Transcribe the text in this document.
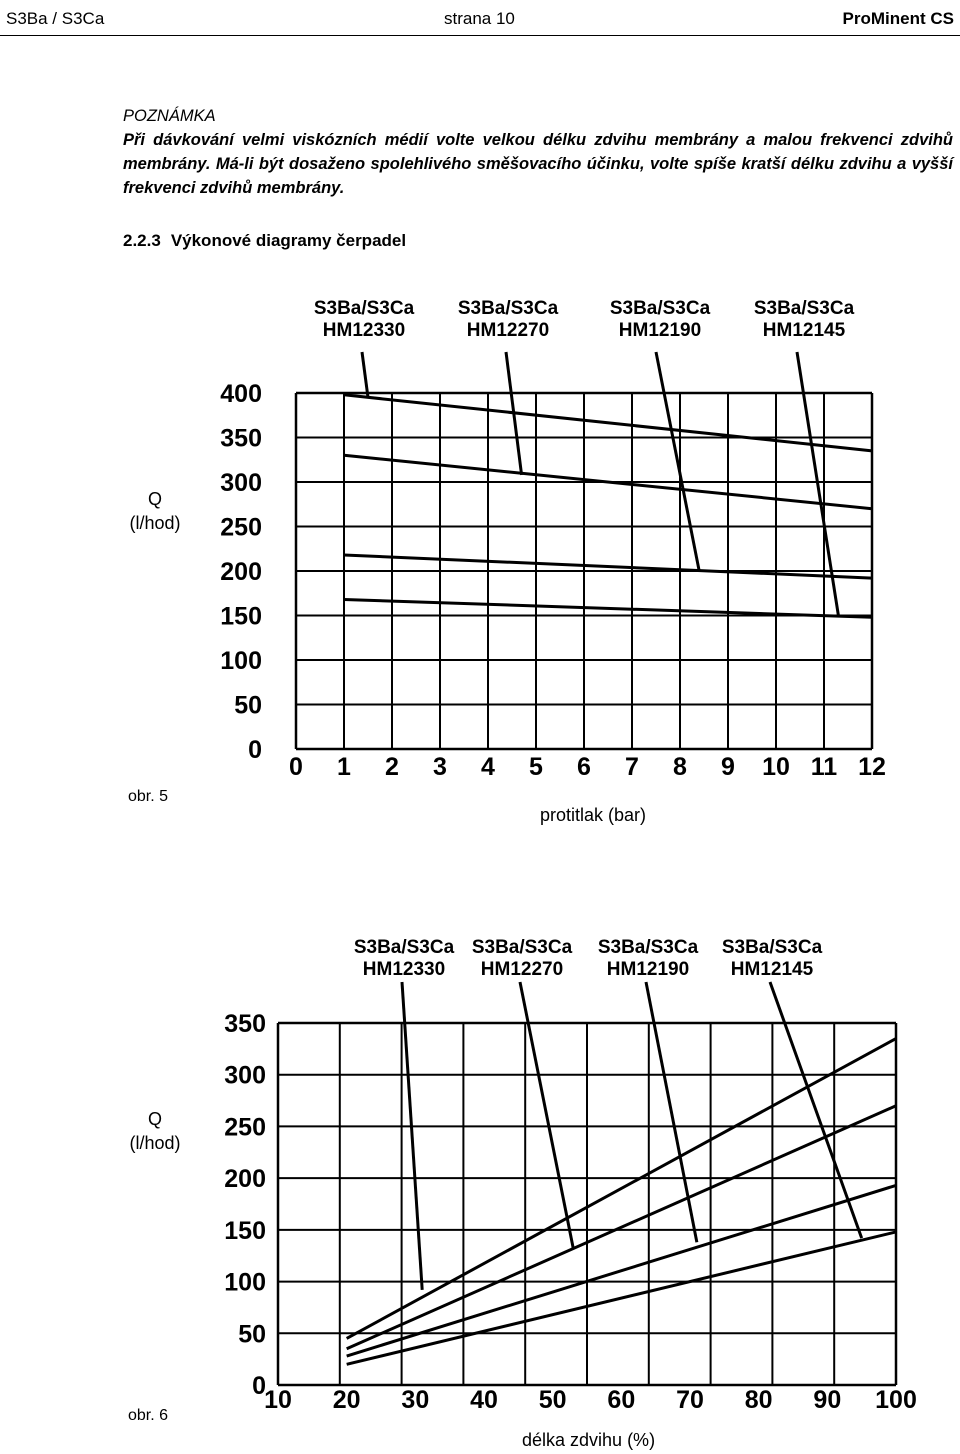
S3Ba / S3Ca	strana 10	ProMinent CS
POZNÁMKA
Při dávkování velmi viskózních médií volte velkou délku zdvihu membrány a malou frekvenci zdvihů membrány. Má-li být dosaženo spolehlivého směšovacího účinku, volte spíše kratší délku zdvihu a vyšší frekvenci zdvihů membrány.
2.2.3 Výkonové diagramy čerpadel
0
50
100
150
200
250
300
350
400
0 1 2 3 4 5 6 7 8 9 10 11 12
S3Ba/S3Ca
HM12330
S3Ba/S3Ca
HM12270
S3Ba/S3Ca
HM12190
S3Ba/S3Ca
HM12145
Q
(l/hod)
obr. 5
protitlak (bar)
0
50
100
150
200
250
300
350
10 20 30 40 50 60 70 80 90 100
S3Ba/S3Ca
HM12330
S3Ba/S3Ca
HM12270
S3Ba/S3Ca
HM12190
S3Ba/S3Ca
HM12145
Q
(l/hod)
obr. 6
délka zdvihu (%)
